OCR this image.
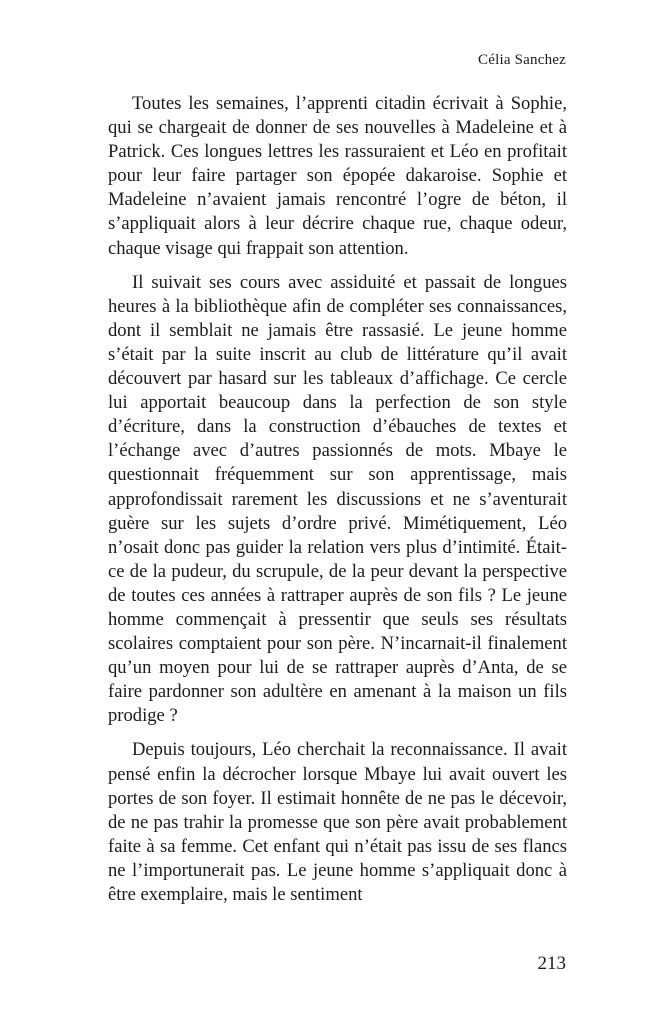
Célia Sanchez

Toutes les semaines, l’apprenti citadin écrivait à Sophie, qui se chargeait de donner de ses nouvelles à Madeleine et à Patrick. Ces longues lettres les rassuraient et Léo en profitait pour leur faire partager son épopée dakaroise. Sophie et Madeleine n’avaient jamais rencontré l’ogre de béton, il s’appliquait alors à leur décrire chaque rue, chaque odeur, chaque visage qui frappait son attention.

Il suivait ses cours avec assiduité et passait de longues heures à la bibliothèque afin de compléter ses connaissances, dont il semblait ne jamais être rassasié. Le jeune homme s’était par la suite inscrit au club de littérature qu’il avait découvert par hasard sur les tableaux d’affichage. Ce cercle lui apportait beaucoup dans la perfection de son style d’écriture, dans la construction d’ébauches de textes et l’échange avec d’autres passionnés de mots. Mbaye le questionnait fréquemment sur son apprentissage, mais approfondissait rarement les discussions et ne s’aventurait guère sur les sujets d’ordre privé. Mimétiquement, Léo n’osait donc pas guider la relation vers plus d’intimité. Était-ce de la pudeur, du scrupule, de la peur devant la perspective de toutes ces années à rattraper auprès de son fils ? Le jeune homme commençait à pressentir que seuls ses résultats scolaires comptaient pour son père. N’incarnait-il finalement qu’un moyen pour lui de se rattraper auprès d’Anta, de se faire pardonner son adultère en amenant à la maison un fils prodige ?

Depuis toujours, Léo cherchait la reconnaissance. Il avait pensé enfin la décrocher lorsque Mbaye lui avait ouvert les portes de son foyer. Il estimait honnête de ne pas le décevoir, de ne pas trahir la promesse que son père avait probablement faite à sa femme. Cet enfant qui n’était pas issu de ses flancs ne l’importunerait pas. Le jeune homme s’appliquait donc à être exemplaire, mais le sentiment

213
